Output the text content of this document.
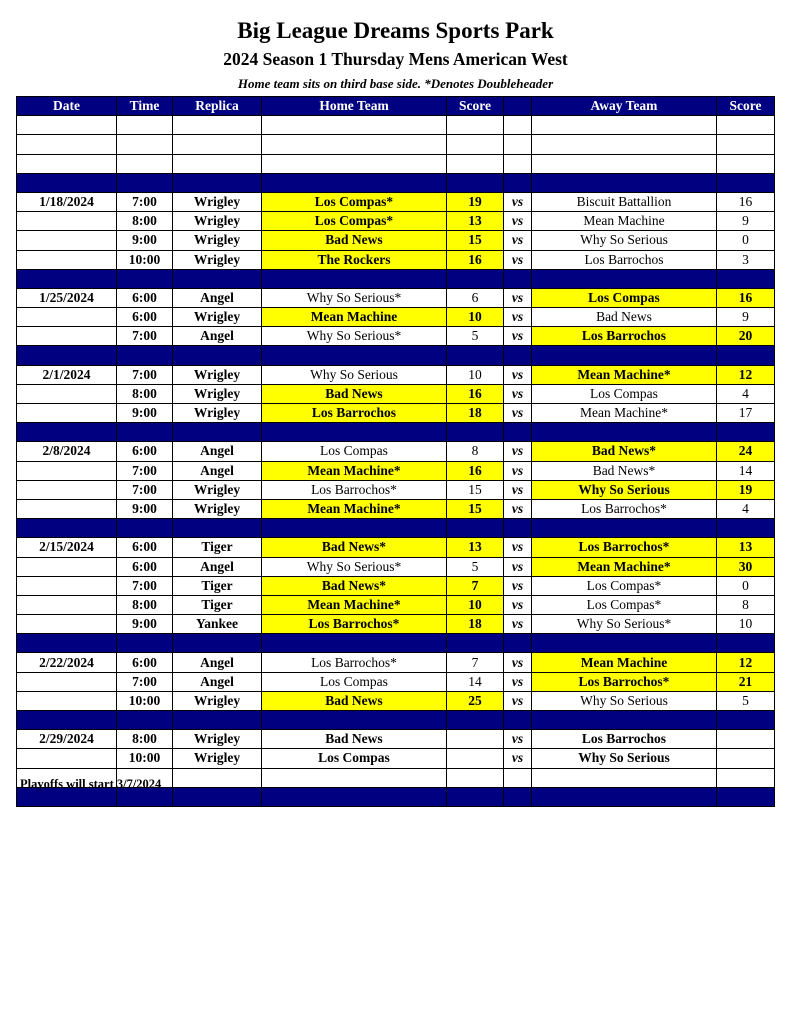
Big League Dreams Sports Park
2024 Season 1 Thursday Mens American West
Home team sits on third base side. *Denotes Doubleheader
Date	Time	Replica	Home Team	Score		Away Team	Score

1/18/2024	7:00	Wrigley	Los Compas*	19	vs	Biscuit Battallion	16
	8:00	Wrigley	Los Compas*	13	vs	Mean Machine	9
	9:00	Wrigley	Bad News	15	vs	Why So Serious	0
	10:00	Wrigley	The Rockers	16	vs	Los Barrochos	3

1/25/2024	6:00	Angel	Why So Serious*	6	vs	Los Compas	16
	6:00	Wrigley	Mean Machine	10	vs	Bad News	9
	7:00	Angel	Why So Serious*	5	vs	Los Barrochos	20

2/1/2024	7:00	Wrigley	Why So Serious	10	vs	Mean Machine*	12
	8:00	Wrigley	Bad News	16	vs	Los Compas	4
	9:00	Wrigley	Los Barrochos	18	vs	Mean Machine*	17

2/8/2024	6:00	Angel	Los Compas	8	vs	Bad News*	24
	7:00	Angel	Mean Machine*	16	vs	Bad News*	14
	7:00	Wrigley	Los Barrochos*	15	vs	Why So Serious	19
	9:00	Wrigley	Mean Machine*	15	vs	Los Barrochos*	4

2/15/2024	6:00	Tiger	Bad News*	13	vs	Los Barrochos*	13
	6:00	Angel	Why So Serious*	5	vs	Mean Machine*	30
	7:00	Tiger	Bad News*	7	vs	Los Compas*	0
	8:00	Tiger	Mean Machine*	10	vs	Los Compas*	8
	9:00	Yankee	Los Barrochos*	18	vs	Why So Serious*	10

2/22/2024	6:00	Angel	Los Barrochos*	7	vs	Mean Machine	12
	7:00	Angel	Los Compas	14	vs	Los Barrochos*	21
	10:00	Wrigley	Bad News	25	vs	Why So Serious	5

2/29/2024	8:00	Wrigley	Bad News		vs	Los Barrochos	
	10:00	Wrigley	Los Compas		vs	Why So Serious	

Playoffs will start 3/7/2024
